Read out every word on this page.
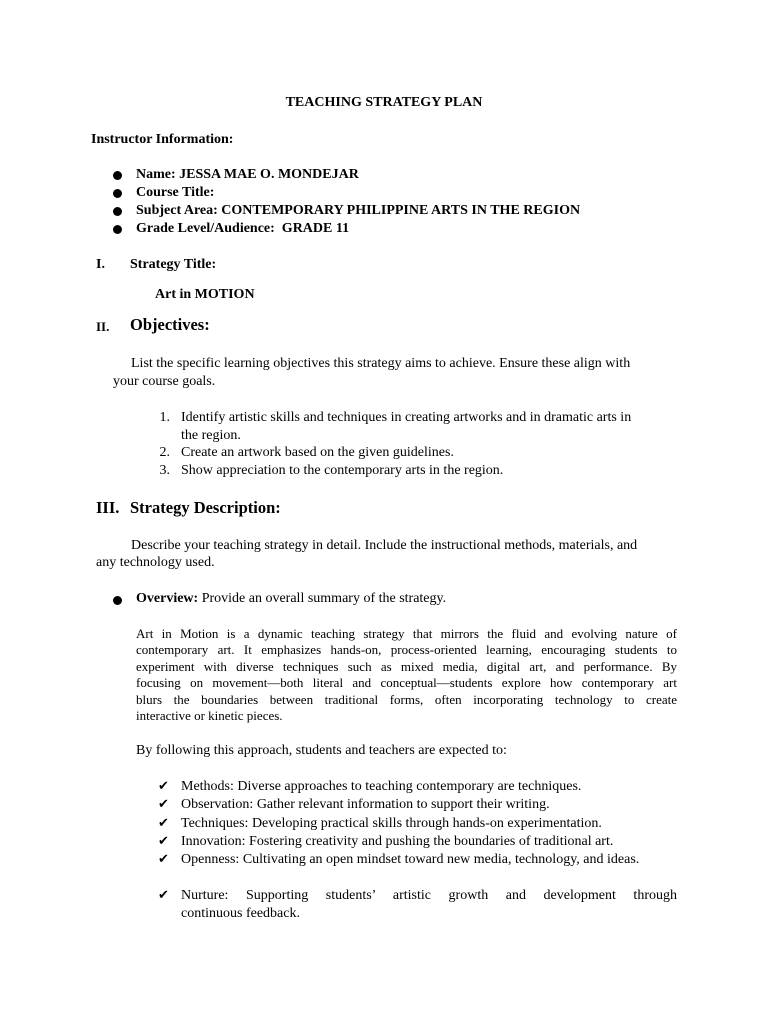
TEACHING STRATEGY PLAN
Instructor Information:
Name: JESSA MAE O. MONDEJAR
Course Title:
Subject Area: CONTEMPORARY PHILIPPINE ARTS IN THE REGION
Grade Level/Audience:  GRADE 11
I. Strategy Title:
Art in MOTION
II. Objectives:
List the specific learning objectives this strategy aims to achieve. Ensure these align with
your course goals.
1. Identify artistic skills and techniques in creating artworks and in dramatic arts in
the region.
2. Create an artwork based on the given guidelines.
3. Show appreciation to the contemporary arts in the region.
III. Strategy Description:
Describe your teaching strategy in detail. Include the instructional methods, materials, and
any technology used.
Overview: Provide an overall summary of the strategy.
Art in Motion is a dynamic teaching strategy that mirrors the fluid and evolving nature of
contemporary art. It emphasizes hands-on, process-oriented learning, encouraging students to
experiment with diverse techniques such as mixed media, digital art, and performance. By
focusing on movement—both literal and conceptual—students explore how contemporary art
blurs the boundaries between traditional forms, often incorporating technology to create
interactive or kinetic pieces.
By following this approach, students and teachers are expected to:
✔ Methods: Diverse approaches to teaching contemporary are techniques.
✔ Observation: Gather relevant information to support their writing.
✔ Techniques: Developing practical skills through hands-on experimentation.
✔ Innovation: Fostering creativity and pushing the boundaries of traditional art.
✔ Openness: Cultivating an open mindset toward new media, technology, and ideas.
✔ Nurture: Supporting students’ artistic growth and development through
continuous feedback.
